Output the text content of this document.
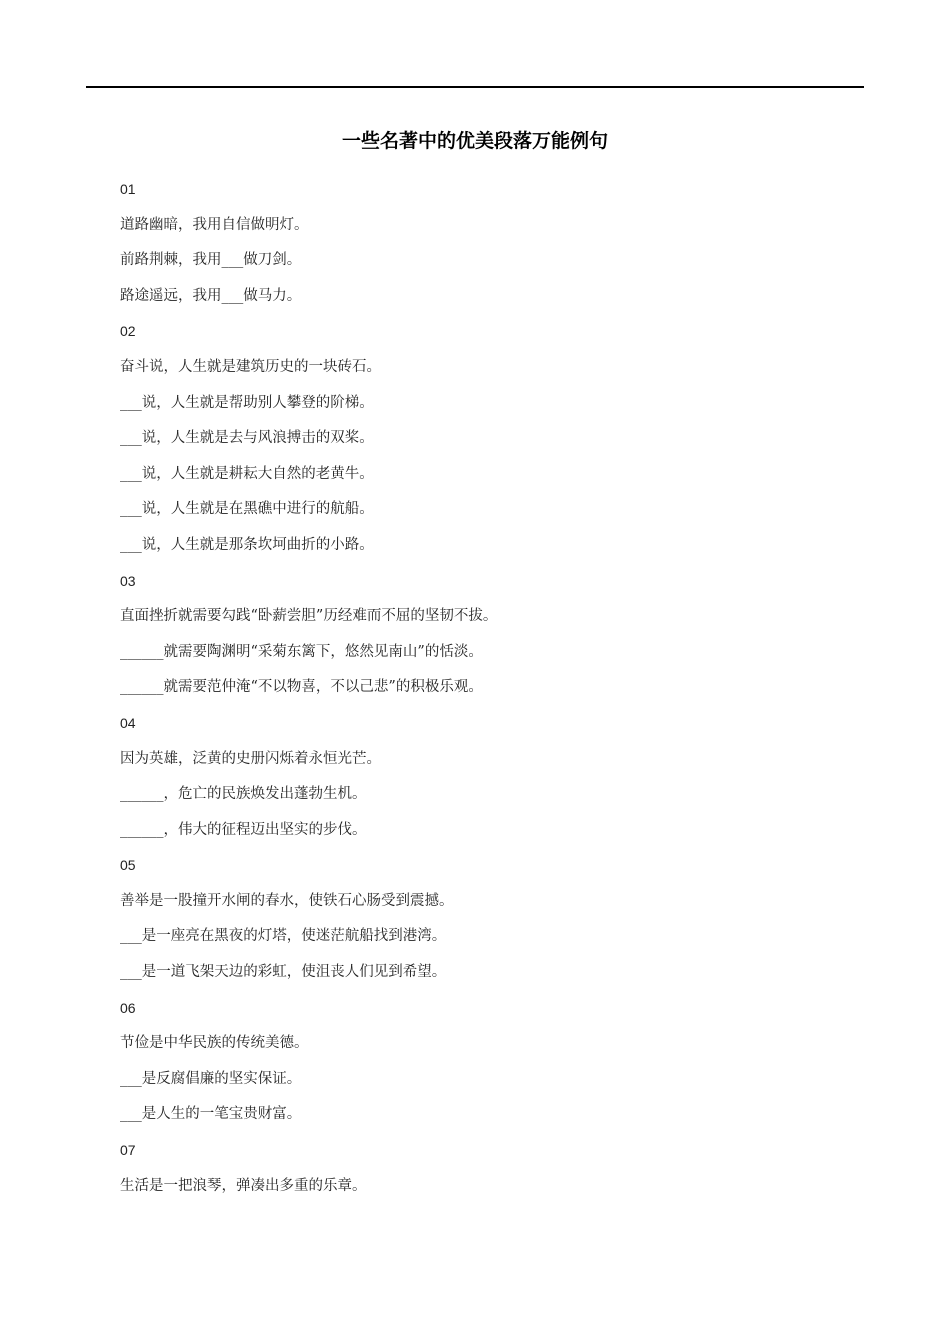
一些名著中的优美段落万能例句
01
道路幽暗，我用自信做明灯。
前路荆棘，我用___做刀剑。
路途遥远，我用___做马力。
02
奋斗说，人生就是建筑历史的一块砖石。
___说，人生就是帮助别人攀登的阶梯。
___说，人生就是去与风浪搏击的双桨。
___说，人生就是耕耘大自然的老黄牛。
___说，人生就是在黑礁中进行的航船。
___说，人生就是那条坎坷曲折的小路。
03
直面挫折就需要勾践“卧薪尝胆”历经难而不屈的坚韧不拔。
______就需要陶渊明“采菊东篱下，悠然见南山”的恬淡。
______就需要范仲淹“不以物喜，不以己悲”的积极乐观。
04
因为英雄，泛黄的史册闪烁着永恒光芒。
______，危亡的民族焕发出蓬勃生机。
______，伟大的征程迈出坚实的步伐。
05
善举是一股撞开水闸的春水，使铁石心肠受到震撼。
___是一座亮在黑夜的灯塔，使迷茫航船找到港湾。
___是一道飞架天边的彩虹，使沮丧人们见到希望。
06
节俭是中华民族的传统美德。
___是反腐倡廉的坚实保证。
___是人生的一笔宝贵财富。
07
生活是一把浪琴，弹凑出多重的乐章。
